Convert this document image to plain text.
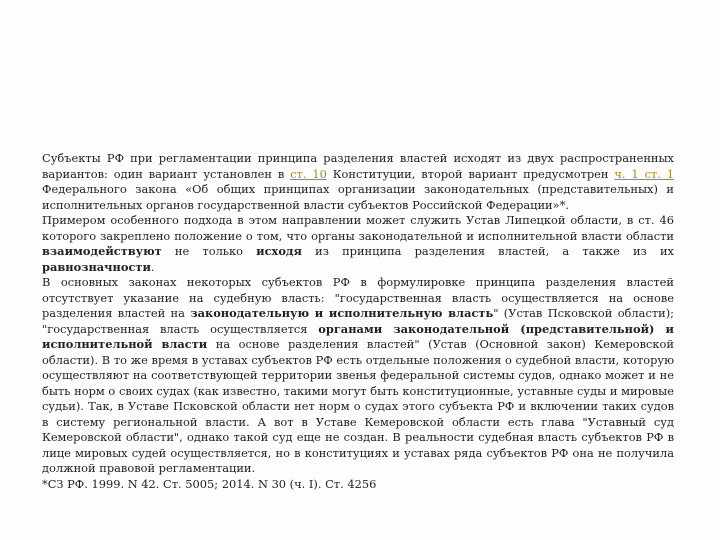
Субъекты РФ при регламентации принципа разделения властей исходят из двух распространенных вариантов: один вариант установлен в ст. 10 Конституции, второй вариант предусмотрен ч. 1 ст. 1 Федерального закона «Об общих принципах организации законодательных (представительных) и исполнительных органов государственной власти субъектов Российской Федерации»*.

Примером особенного подхода в этом направлении может служить Устав Липецкой области, в ст. 46 которого закреплено положение о том, что органы законодательной и исполнительной власти области взаимодействуют не только исходя из принципа разделения властей, а также из их равнозначности.

В основных законах некоторых субъектов РФ в формулировке принципа разделения властей отсутствует указание на судебную власть: "государственная власть осуществляется на основе разделения властей на законодательную и исполнительную власть" (Устав Псковской области); "государственная власть осуществляется органами законодательной (представительной) и исполнительной власти на основе разделения властей" (Устав (Основной закон) Кемеровской области). В то же время в уставах субъектов РФ есть отдельные положения о судебной власти, которую осуществляют на соответствующей территории звенья федеральной системы судов, однако может и не быть норм о своих судах (как известно, такими могут быть конституционные, уставные суды и мировые судьи). Так, в Уставе Псковской области нет норм о судах этого субъекта РФ и включении таких судов в систему региональной власти. А вот в Уставе Кемеровской области есть глава "Уставный суд Кемеровской области", однако такой суд еще не создан. В реальности судебная власть субъектов РФ в лице мировых судей осуществляется, но в конституциях и уставах ряда субъектов РФ она не получила должной правовой регламентации.

*СЗ РФ. 1999. N 42. Ст. 5005; 2014. N 30 (ч. I). Ст. 4256
